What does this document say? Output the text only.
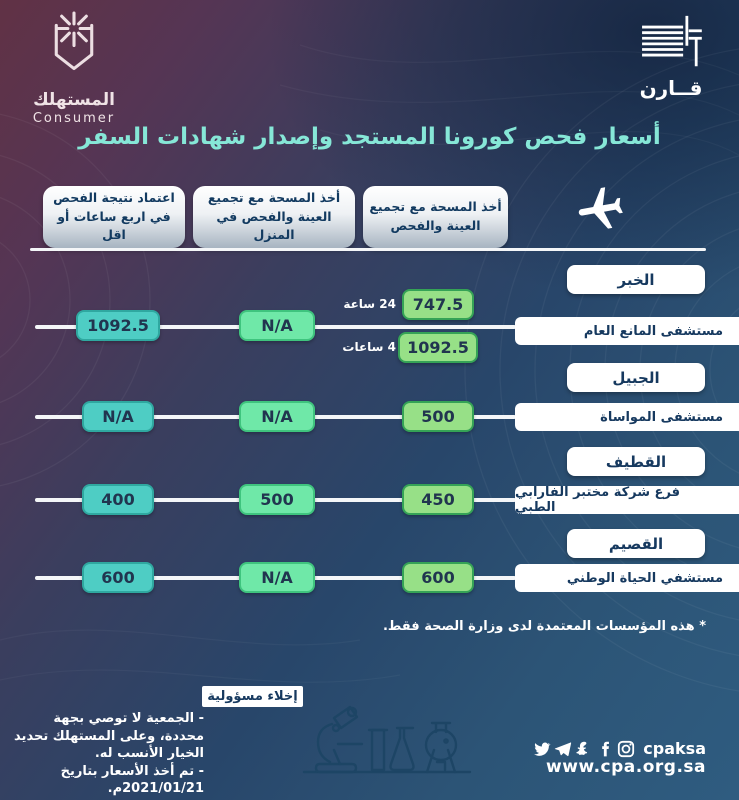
المستهلك
Consumer
قــارن
أسعار فحص كورونا المستجد وإصدار شهادات السفر
أخذ المسحة مع تجميع العينة والفحص
أخذ المسحة مع تجميع العينة والفحص في المنزل
اعتماد نتيجة الفحص في اربع ساعات أو اقل
الخبر
مستشفى المانع العام
747.5
24 ساعة
1092.5
4 ساعات
N/A
1092.5
الجبيل
مستشفى المواساة
500
N/A
N/A
القطيف
فرع شركة مختبر الفارابي الطبي
450
500
400
القصيم
مستشفي الحياة الوطني
600
N/A
600
* هذه المؤسسات المعتمدة لدى وزارة الصحة فقط.
إخلاء مسؤولية
- الجمعية لا توصي بجهة محددة، وعلى المستهلك تحديد الخيار الأنسب له.
- تم أخذ الأسعار بتاريخ 2021/01/21م.
cpaksa
www.cpa.org.sa
